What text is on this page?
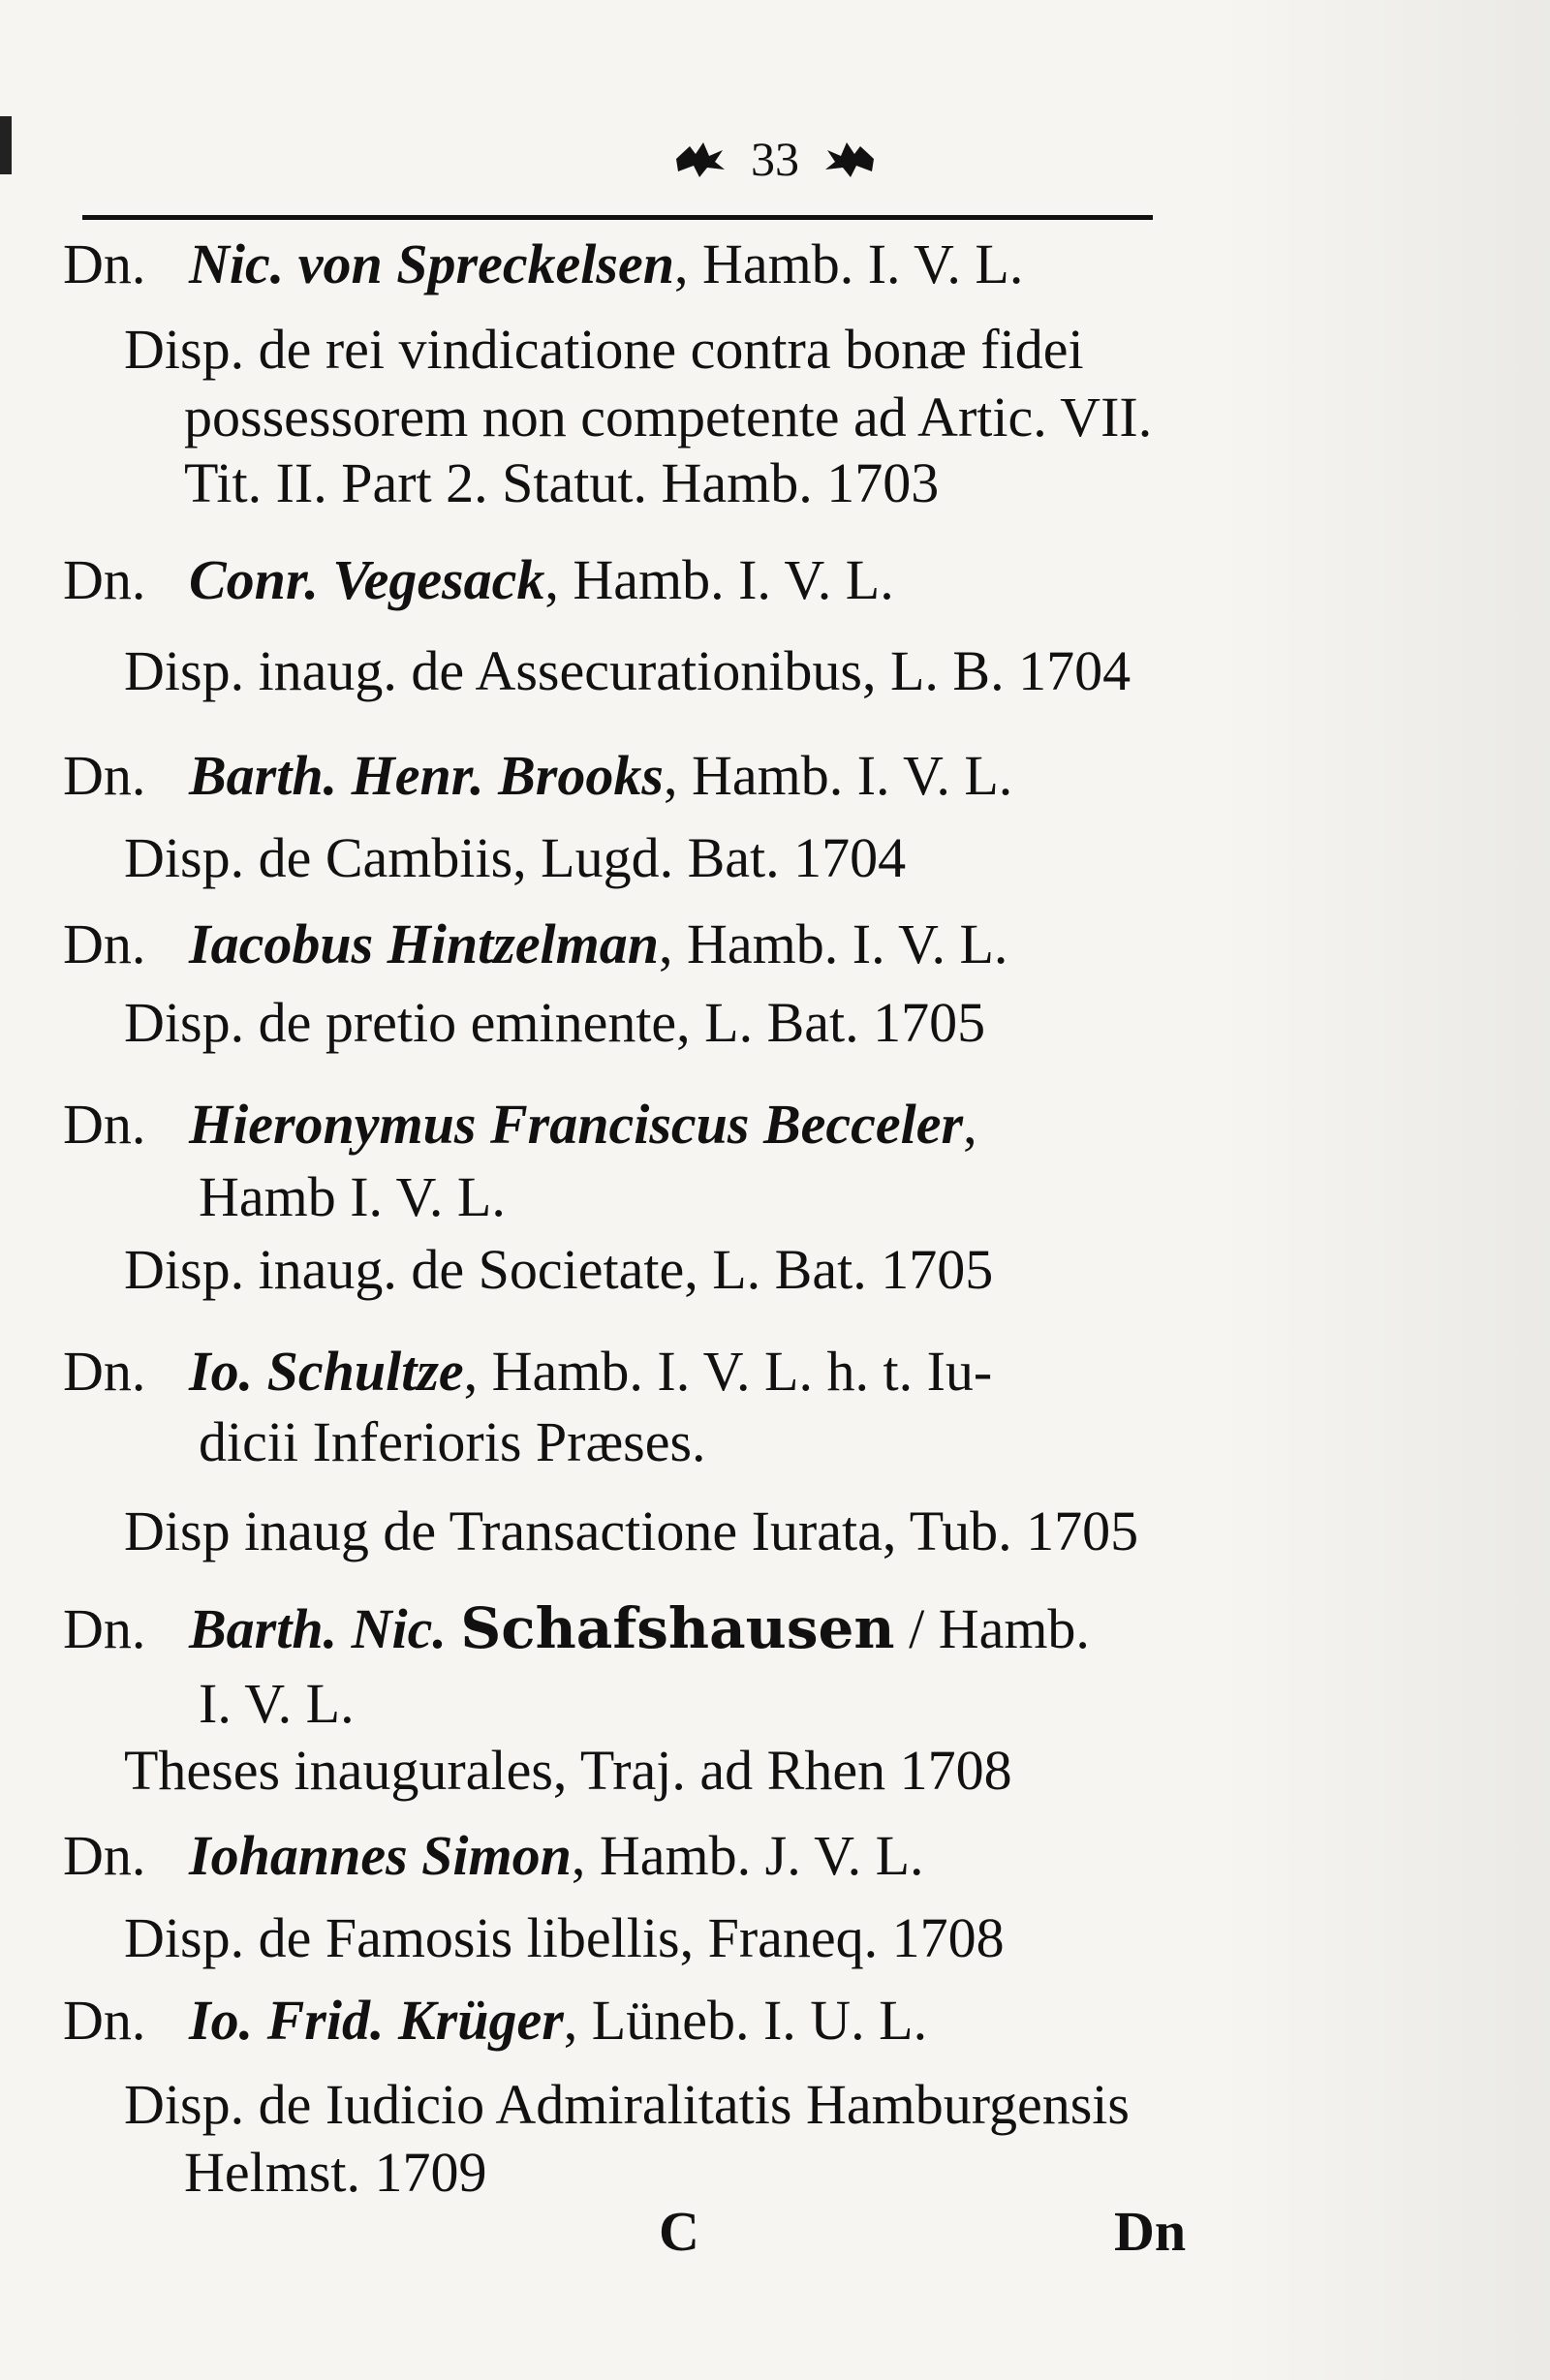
33
Dn. Nic. von Spreckelsen, Hamb. I. V. L.
Disp. de rei vindicatione contra bonæ fidei
possessorem non competente ad Artic. VII.
Tit. II. Part 2. Statut. Hamb. 1703
Dn. Conr. Vegesack, Hamb. I. V. L.
Disp. inaug. de Assecurationibus, L. B. 1704
Dn. Barth. Henr. Brooks, Hamb. I. V. L.
Disp. de Cambiis, Lugd. Bat. 1704
Dn. Iacobus Hintzelman, Hamb. I. V. L.
Disp. de pretio eminente, L. Bat. 1705
Dn. Hieronymus Franciscus Becceler,
Hamb I. V. L.
Disp. inaug. de Societate, L. Bat. 1705
Dn. Io. Schultze, Hamb. I. V. L. h. t. Iu-
dicii Inferioris Præses.
Disp inaug de Transactione Iurata, Tub. 1705
Dn. Barth. Nic. Schafshausen / Hamb.
I. V. L.
Theses inaugurales, Traj. ad Rhen 1708
Dn. Iohannes Simon, Hamb. J. V. L.
Disp. de Famosis libellis, Franeq. 1708
Dn. Io. Frid. Krüger, Lüneb. I. U. L.
Disp. de Iudicio Admiralitatis Hamburgensis
Helmst. 1709
C	Dn
